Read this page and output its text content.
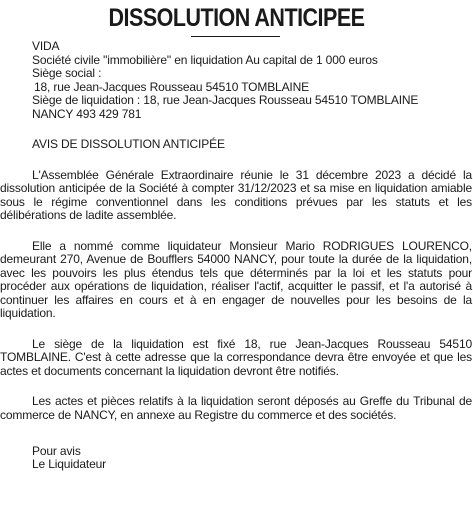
DISSOLUTION ANTICIPEE
VIDA
Société civile "immobilière" en liquidation Au capital de 1 000 euros
Siège social :
18, rue Jean-Jacques Rousseau 54510 TOMBLAINE
Siège de liquidation : 18, rue Jean-Jacques Rousseau 54510 TOMBLAINE
NANCY 493 429 781
AVIS DE DISSOLUTION ANTICIPÉE

L'Assemblée Générale Extraordinaire réunie le 31 décembre 2023 a décidé la dissolution anticipée de la Société à compter 31/12/2023 et sa mise en liquidation amiable sous le régime conventionnel dans les conditions prévues par les statuts et les délibérations de ladite assemblée.

Elle a nommé comme liquidateur Monsieur Mario RODRIGUES LOURENCO, demeurant 270, Avenue de Boufflers 54000 NANCY, pour toute la durée de la liquidation, avec les pouvoirs les plus étendus tels que déterminés par la loi et les statuts pour procéder aux opérations de liquidation, réaliser l'actif, acquitter le passif, et l'a autorisé à continuer les affaires en cours et à en engager de nouvelles pour les besoins de la liquidation.

Le siège de la liquidation est fixé 18, rue Jean-Jacques Rousseau 54510 TOMBLAINE. C'est à cette adresse que la correspondance devra être envoyée et que les actes et documents concernant la liquidation devront être notifiés.

Les actes et pièces relatifs à la liquidation seront déposés au Greffe du Tribunal de commerce de NANCY, en annexe au Registre du commerce et des sociétés.

Pour avis
Le Liquidateur
